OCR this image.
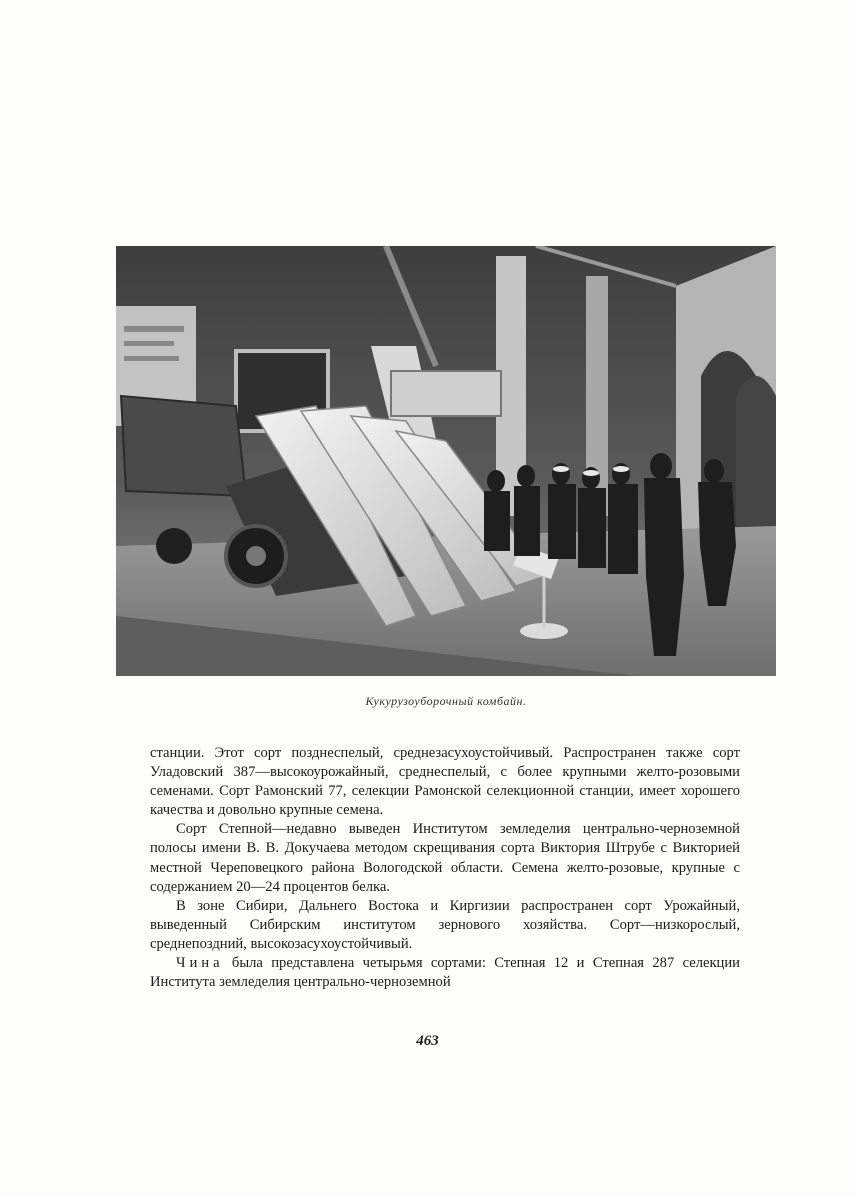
Кукурузоуборочный комбайн.

станции. Этот сорт позднеспелый, среднезасухоустойчивый. Распространен также сорт Уладовский 387—высокоурожайный, среднеспелый, с более крупными желто-розовыми семенами. Сорт Рамонский 77, селекции Рамонской селекционной станции, имеет хорошего качества и довольно крупные семена.

Сорт Степной—недавно выведен Институтом земледелия центрально-черноземной полосы имени В. В. Докучаева методом скрещивания сорта Виктория Штрубе с Викторией местной Череповецкого района Вологодской области. Семена желто-розовые, крупные с содержанием 20—24 процентов белка.

В зоне Сибири, Дальнего Востока и Киргизии распространен сорт Урожайный, выведенный Сибирским институтом зернового хозяйства. Сорт—низкорослый, среднепоздний, высокозасухоустойчивый.

Чина была представлена четырьмя сортами: Степная 12 и Степная 287 селекции Института земледелия центрально-черноземной

463
